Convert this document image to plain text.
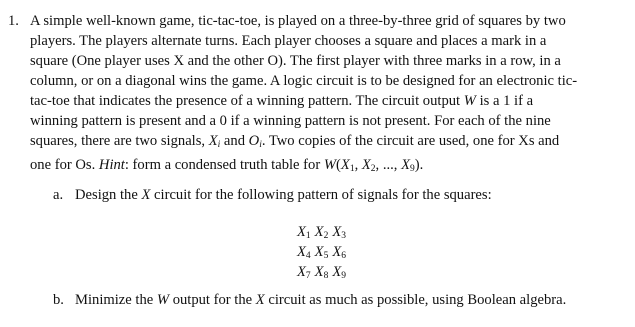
1. A simple well-known game, tic-tac-toe, is played on a three-by-three grid of squares by two
players. The players alternate turns. Each player chooses a square and places a mark in a
square (One player uses X and the other O). The first player with three marks in a row, in a
column, or on a diagonal wins the game. A logic circuit is to be designed for an electronic tic-
tac-toe that indicates the presence of a winning pattern. The circuit output W is a 1 if a
winning pattern is present and a 0 if a winning pattern is not present. For each of the nine
squares, there are two signals, $X_i$ and $O_i$. Two copies of the circuit are used, one for Xs and
one for Os. Hint: form a condensed truth table for W(X1, X2, ..., X9).
a. Design the X circuit for the following pattern of signals for the squares:
X1 X2 X3
X4 X5 X6
X7 X8 X9
b. Minimize the W output for the X circuit as much as possible, using Boolean algebra.
